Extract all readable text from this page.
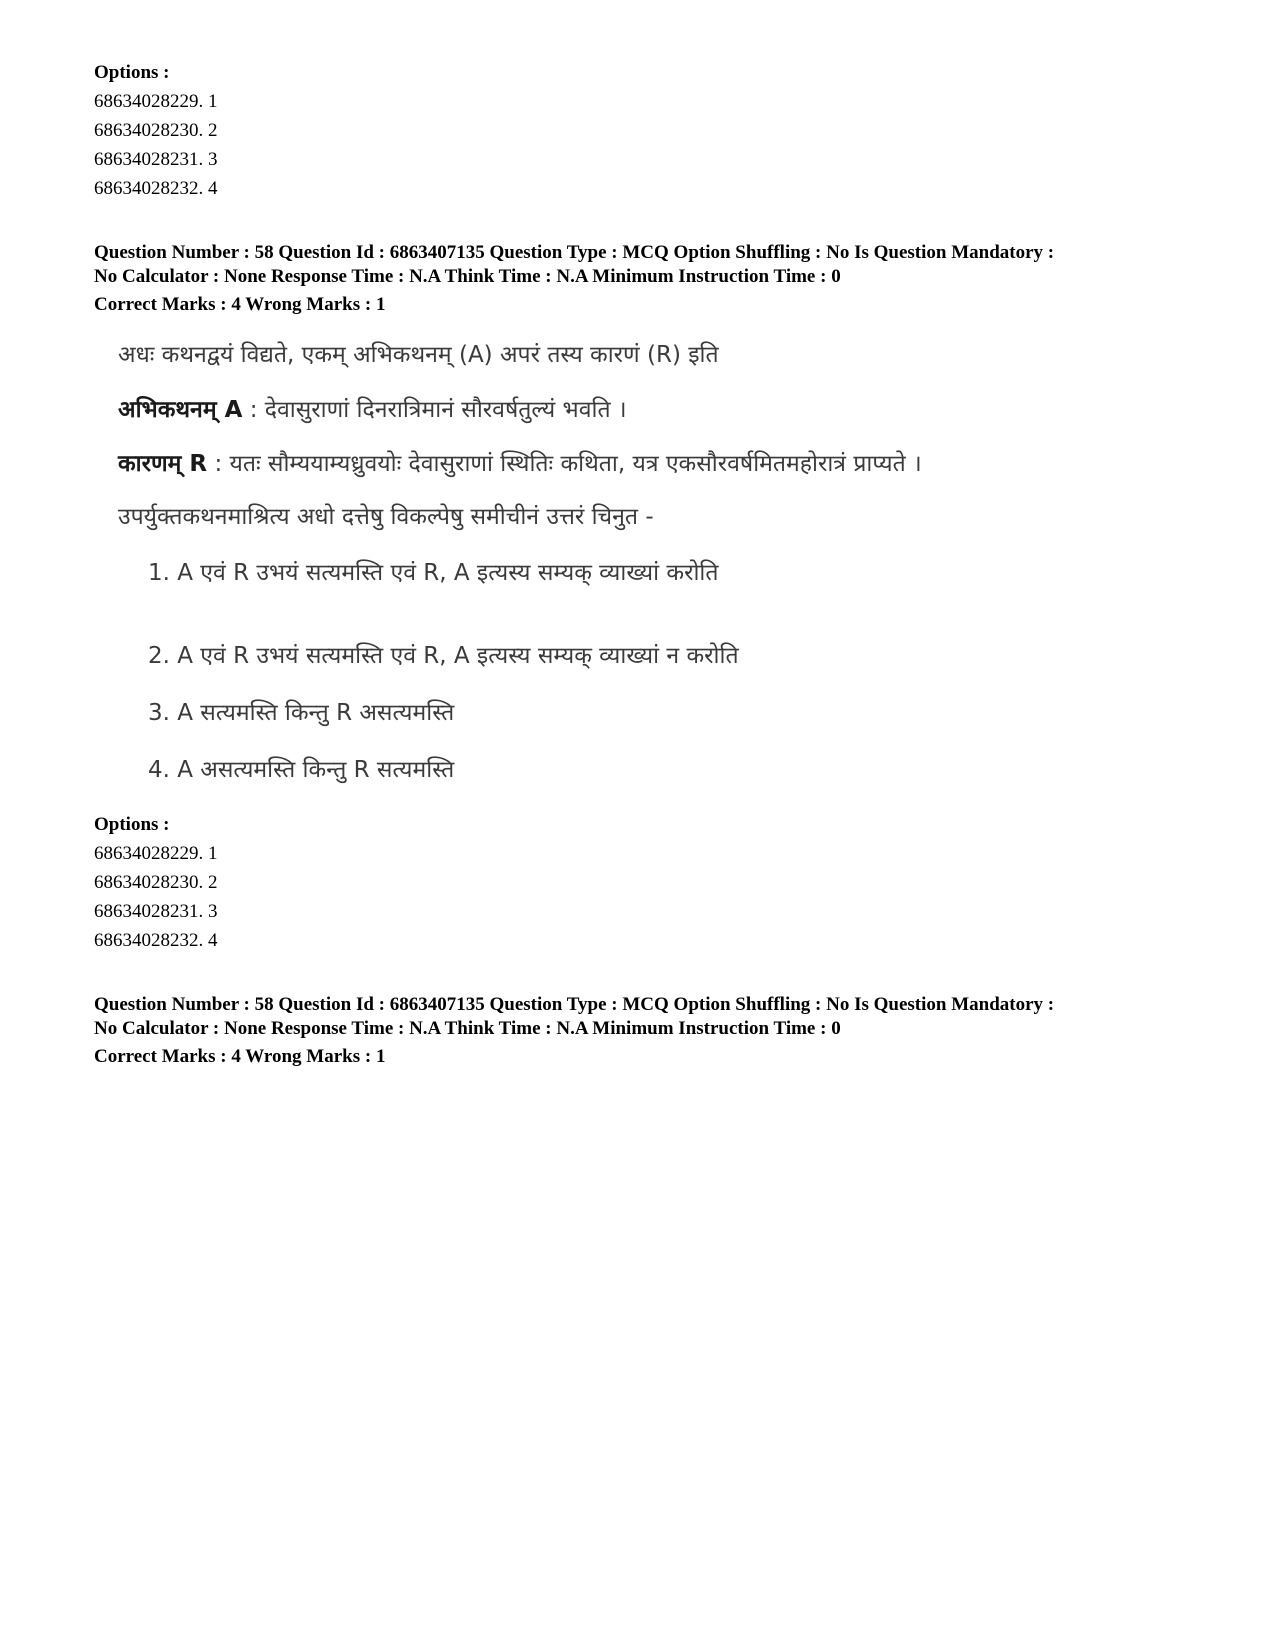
Options :

68634028229. 1

68634028230. 2

68634028231. 3

68634028232. 4

Question Number : 58 Question Id : 6863407135 Question Type : MCQ Option Shuffling : No Is Question Mandatory :

No Calculator : None Response Time : N.A Think Time : N.A Minimum Instruction Time : 0

Correct Marks : 4 Wrong Marks : 1

अधः कथनद्वयं विद्यते, एकम् अभिकथनम् (A) अपरं तस्य कारणं (R) इति
अभिकथनम् A : देवासुराणां दिनरात्रिमानं सौरवर्षतुल्यं भवति ।
कारणम् R : यतः सौम्ययाम्यध्रुवयोः देवासुराणां स्थितिः कथिता, यत्र एकसौरवर्षमितमहोरात्रं प्राप्यते ।
उपर्युक्तकथनमाश्रित्य अधो दत्तेषु विकल्पेषु समीचीनं उत्तरं चिनुत -
1. A एवं R उभयं सत्यमस्ति एवं R, A इत्यस्य सम्यक् व्याख्यां करोति
2. A एवं R उभयं सत्यमस्ति एवं R, A इत्यस्य सम्यक् व्याख्यां न करोति
3. A सत्यमस्ति किन्तु R असत्यमस्ति
4. A असत्यमस्ति किन्तु R सत्यमस्ति

Options :

68634028229. 1

68634028230. 2

68634028231. 3

68634028232. 4

Question Number : 58 Question Id : 6863407135 Question Type : MCQ Option Shuffling : No Is Question Mandatory :

No Calculator : None Response Time : N.A Think Time : N.A Minimum Instruction Time : 0

Correct Marks : 4 Wrong Marks : 1
